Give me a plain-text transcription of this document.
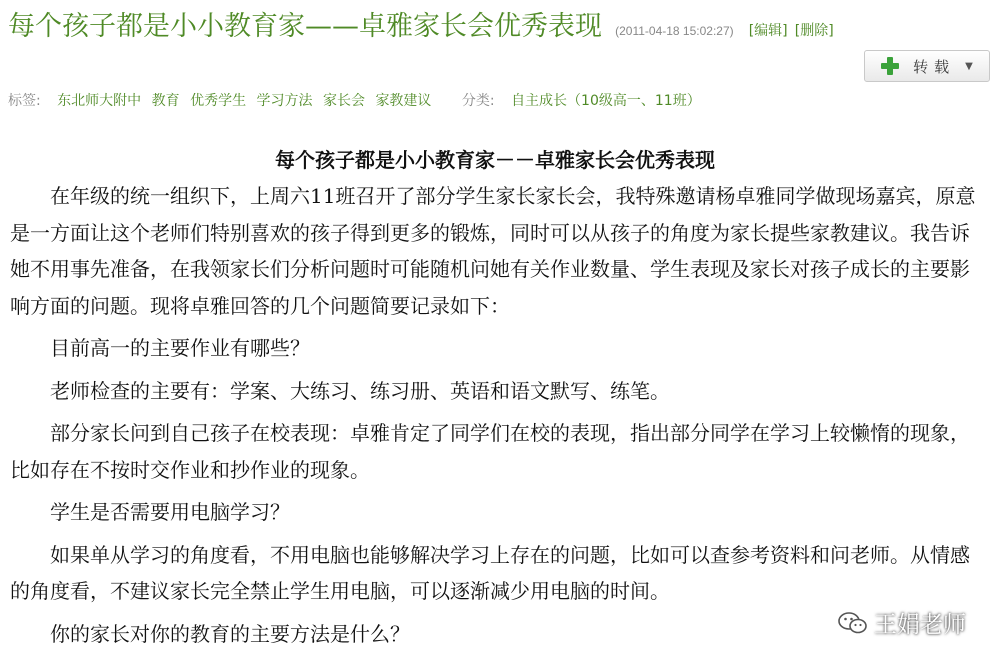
每个孩子都是小小教育家——卓雅家长会优秀表现 (2011-04-18 15:02:27) [编辑] [删除]
转载 ▼
标签: 东北师大附中 教育 优秀学生 学习方法 家长会 家教建议 分类: 自主成长（10级高一、11班）
每个孩子都是小小教育家－－卓雅家长会优秀表现

在年级的统一组织下，上周六11班召开了部分学生家长家长会，我特殊邀请杨卓雅同学做现场嘉宾，原意是一方面让这个老师们特别喜欢的孩子得到更多的锻炼，同时可以从孩子的角度为家长提些家教建议。我告诉她不用事先准备，在我领家长们分析问题时可能随机问她有关作业数量、学生表现及家长对孩子成长的主要影响方面的问题。现将卓雅回答的几个问题简要记录如下：

目前高一的主要作业有哪些？

老师检查的主要有：学案、大练习、练习册、英语和语文默写、练笔。

部分家长问到自己孩子在校表现：卓雅肯定了同学们在校的表现，指出部分同学在学习上较懒惰的现象，比如存在不按时交作业和抄作业的现象。

学生是否需要用电脑学习？

如果单从学习的角度看，不用电脑也能够解决学习上存在的问题，比如可以查参考资料和问老师。从情感的角度看，不建议家长完全禁止学生用电脑，可以逐渐减少用电脑的时间。

你的家长对你的教育的主要方法是什么？	王娟老师
